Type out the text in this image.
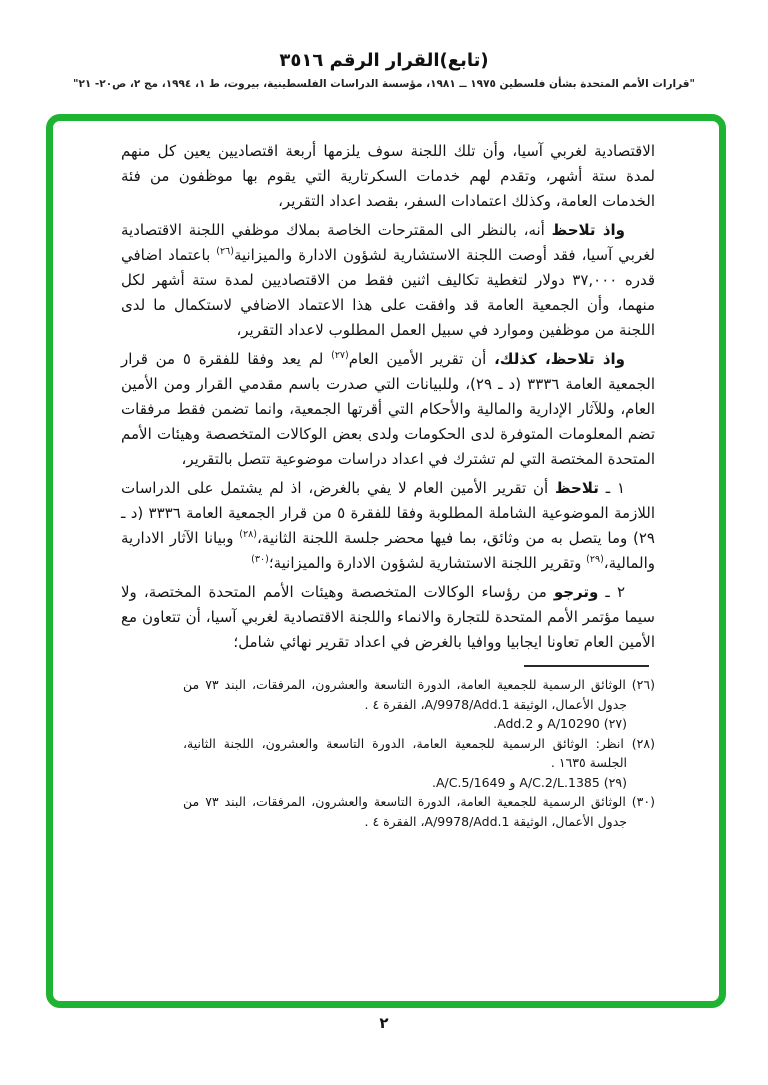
(تابع)القرار الرقم ٣٥١٦
"قرارات الأمم المتحدة بشأن فلسطين ١٩٧٥ ــ ١٩٨١، مؤسسة الدراسات الفلسطينية، بيروت، ط ١، ١٩٩٤، مج ٢، ص٢٠- ٢١"

الاقتصادية لغربي آسيا، وأن تلك اللجنة سوف يلزمها أربعة اقتصاديين يعين كل منهم لمدة ستة أشهر، وتقدم لهم خدمات السكرتارية التي يقوم بها موظفون من فئة الخدمات العامة، وكذلك اعتمادات السفر، بقصد اعداد التقرير،

واذ تلاحظ أنه، بالنظر الى المقترحات الخاصة بملاك موظفي اللجنة الاقتصادية لغربي آسيا، فقد أوصت اللجنة الاستشارية لشؤون الادارة والميزانية$^{(٢٦)}$ باعتماد اضافي قدره ٣٧,٠٠٠ دولار لتغطية تكاليف اثنين فقط من الاقتصاديين لمدة ستة أشهر لكل منهما، وأن الجمعية العامة قد وافقت على هذا الاعتماد الاضافي لاستكمال ما لدى اللجنة من موظفين وموارد في سبيل العمل المطلوب لاعداد التقرير،

واذ تلاحظ، كذلك، أن تقرير الأمين العام$^{(٢٧)}$ لم يعد وفقا للفقرة ٥ من قرار الجمعية العامة ٣٣٣٦ (د ـ ٢٩)، وللبيانات التي صدرت باسم مقدمي القرار ومن الأمين العام، وللآثار الإدارية والمالية والأحكام التي أقرتها الجمعية، وانما تضمن فقط مرفقات تضم المعلومات المتوفرة لدى الحكومات ولدى بعض الوكالات المتخصصة وهيئات الأمم المتحدة المختصة التي لم تشترك في اعداد دراسات موضوعية تتصل بالتقرير،

١ ـ تلاحظ أن تقرير الأمين العام لا يفي بالغرض، اذ لم يشتمل على الدراسات اللازمة الموضوعية الشاملة المطلوبة وفقا للفقرة ٥ من قرار الجمعية العامة ٣٣٣٦ (د ـ ٢٩) وما يتصل به من وثائق، بما فيها محضر جلسة اللجنة الثانية،$^{(٢٨)}$ وبيانا الآثار الادارية والمالية،$^{(٢٩)}$ وتقرير اللجنة الاستشارية لشؤون الادارة والميزانية؛$^{(٣٠)}$

٢ ـ وترجو من رؤساء الوكالات المتخصصة وهيئات الأمم المتحدة المختصة، ولا سيما مؤتمر الأمم المتحدة للتجارة والانماء واللجنة الاقتصادية لغربي آسيا، أن تتعاون مع الأمين العام تعاونا ايجابيا ووافيا بالغرض في اعداد تقرير نهائي شامل؛

(٢٦) الوثائق الرسمية للجمعية العامة، الدورة التاسعة والعشرون، المرفقات، البند ٧٣ من جدول الأعمال، الوثيقة A/9978/Add.1، الفقرة ٤ .

(٢٧) A/10290 و Add.2.

(٢٨) انظر: الوثائق الرسمية للجمعية العامة، الدورة التاسعة والعشرون، اللجنة الثانية، الجلسة ١٦٣٥ .

(٢٩) A/C.2/L.1385 و A/C.5/1649.

(٣٠) الوثائق الرسمية للجمعية العامة، الدورة التاسعة والعشرون، المرفقات، البند ٧٣ من جدول الأعمال، الوثيقة A/9978/Add.1، الفقرة ٤ .

٢
